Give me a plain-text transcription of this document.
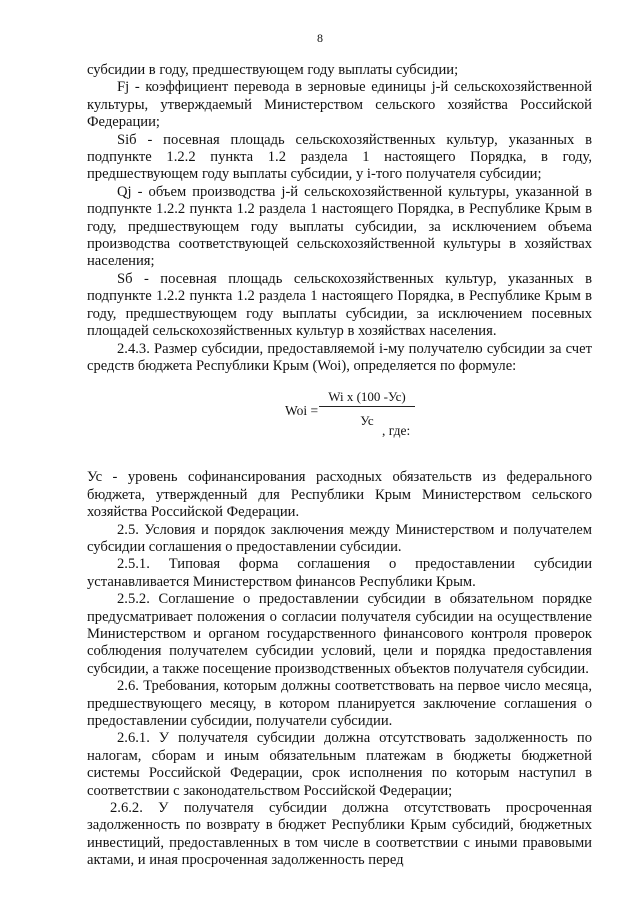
8

субсидии в году, предшествующем году выплаты субсидии;

Fj - коэффициент перевода в зерновые единицы j-й сельскохозяйственной культуры, утверждаемый Министерством сельского хозяйства Российской Федерации;

Siб - посевная площадь сельскохозяйственных культур, указанных в подпункте 1.2.2 пункта 1.2 раздела 1 настоящего Порядка, в году, предшествующем году выплаты субсидии, у i-того получателя субсидии;

Qj - объем производства j-й сельскохозяйственной культуры, указанной в подпункте 1.2.2 пункта 1.2 раздела 1 настоящего Порядка, в Республике Крым в году, предшествующем году выплаты субсидии, за исключением объема производства соответствующей сельскохозяйственной культуры в хозяйствах населения;

Sб - посевная площадь сельскохозяйственных культур, указанных в подпункте 1.2.2 пункта 1.2 раздела 1 настоящего Порядка, в Республике Крым в году, предшествующем году выплаты субсидии, за исключением посевных площадей сельскохозяйственных культур в хозяйствах населения.

2.4.3. Размер субсидии, предоставляемой i-му получателю субсидии за счет средств бюджета Республики Крым (Woi), определяется по формуле:

Woi =
Wi x (100 -Ус)
Ус
, где:

Ус - уровень софинансирования расходных обязательств из федерального бюджета, утвержденный для Республики Крым Министерством сельского хозяйства Российской Федерации.

2.5. Условия и порядок заключения между Министерством и получателем субсидии соглашения о предоставлении субсидии.

2.5.1. Типовая форма соглашения о предоставлении субсидии устанавливается Министерством финансов Республики Крым.

2.5.2. Соглашение о предоставлении субсидии в обязательном порядке предусматривает положения о согласии получателя субсидии на осуществление Министерством и органом государственного финансового контроля проверок соблюдения получателем субсидии условий, цели и порядка предоставления субсидии, а также посещение производственных объектов получателя субсидии.

2.6. Требования, которым должны соответствовать на первое число месяца, предшествующего месяцу, в котором планируется заключение соглашения о предоставлении субсидии, получатели субсидии.

2.6.1. У получателя субсидии должна отсутствовать задолженность по налогам, сборам и иным обязательным платежам в бюджеты бюджетной системы Российской Федерации, срок исполнения по которым наступил в соответствии с законодательством Российской Федерации;

2.6.2. У получателя субсидии должна отсутствовать просроченная задолженность по возврату в бюджет Республики Крым субсидий, бюджетных инвестиций, предоставленных в том числе в соответствии с иными правовыми актами, и иная просроченная задолженность перед
